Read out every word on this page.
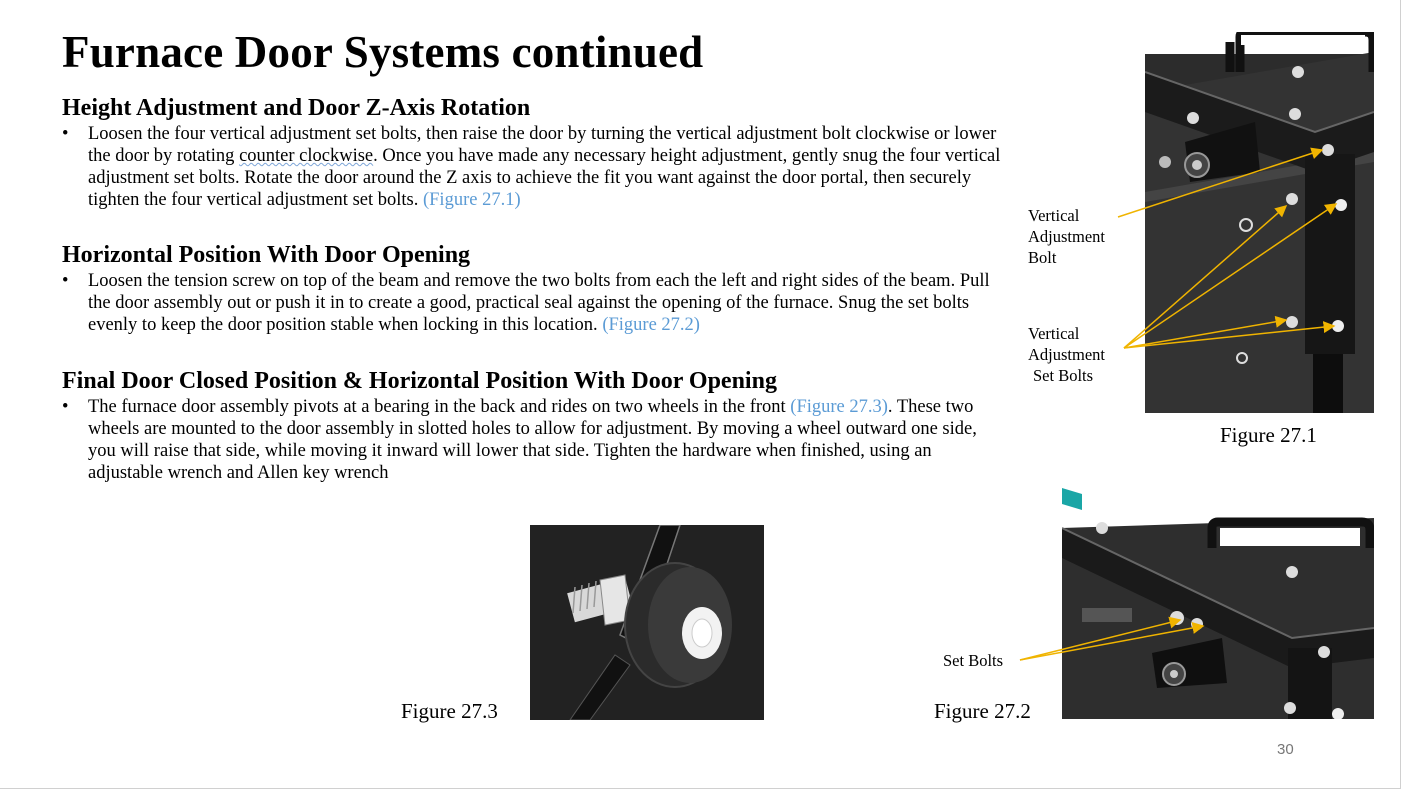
Furnace Door Systems continued
Height Adjustment and Door Z-Axis Rotation
• Loosen the four vertical adjustment set bolts, then raise the door by turning the vertical adjustment bolt clockwise or lower the door by rotating counter clockwise. Once you have made any necessary height adjustment, gently snug the four vertical adjustment set bolts. Rotate the door around the Z axis to achieve the fit you want against the door portal, then securely tighten the four vertical adjustment set bolts. (Figure 27.1)
Horizontal Position With Door Opening
• Loosen the tension screw on top of the beam and remove the two bolts from each the left and right sides of the beam. Pull the door assembly out or push it in to create a good, practical seal against the opening of the furnace. Snug the set bolts evenly to keep the door position stable when locking in this location. (Figure 27.2)
Final Door Closed Position & Horizontal Position With Door Opening
• The furnace door assembly pivots at a bearing in the back and rides on two wheels in the front (Figure 27.3). These two wheels are mounted to the door assembly in slotted holes to allow for adjustment. By moving a wheel outward one side, you will raise that side, while moving it inward will lower that side. Tighten the hardware when finished, using an adjustable wrench and Allen key wrench
Vertical
Adjustment
Bolt
Vertical
Adjustment
Set Bolts
Figure 27.1
Set Bolts
Figure 27.2
Figure 27.3
30
